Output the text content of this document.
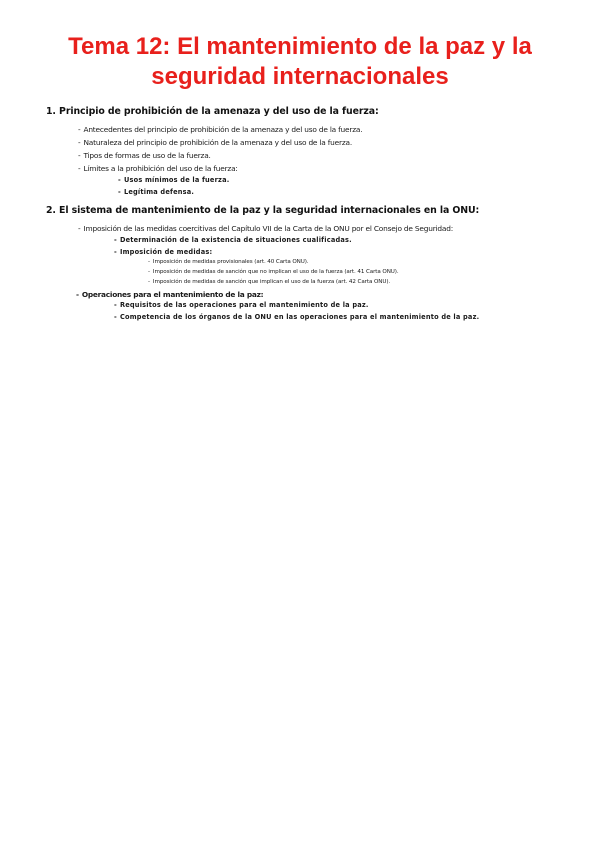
Tema 12: El mantenimiento de la paz y la
seguridad internacionales
1. Principio de prohibición de la amenaza y del uso de la fuerza:
- Antecedentes del principio de prohibición de la amenaza y del uso de la fuerza.
- Naturaleza del principio de prohibición de la amenaza y del uso de la fuerza.
- Tipos de formas de uso de la fuerza.
- Límites a la prohibición del uso de la fuerza:
- Usos mínimos de la fuerza.
- Legítima defensa.
2. El sistema de mantenimiento de la paz y la seguridad internacionales en la ONU:
- Imposición de las medidas coercitivas del Capítulo VII de la Carta de la ONU por el Consejo de Seguridad:
- Determinación de la existencia de situaciones cualificadas.
- Imposición de medidas:
- Imposición de medidas provisionales (art. 40 Carta ONU).
- Imposición de medidas de sanción que no implican el uso de la fuerza (art. 41 Carta ONU).
- Imposición de medidas de sanción que implican el uso de la fuerza (art. 42 Carta ONU).
- Operaciones para el mantenimiento de la paz:
- Requisitos de las operaciones para el mantenimiento de la paz.
- Competencia de los órganos de la ONU en las operaciones para el mantenimiento de la paz.
